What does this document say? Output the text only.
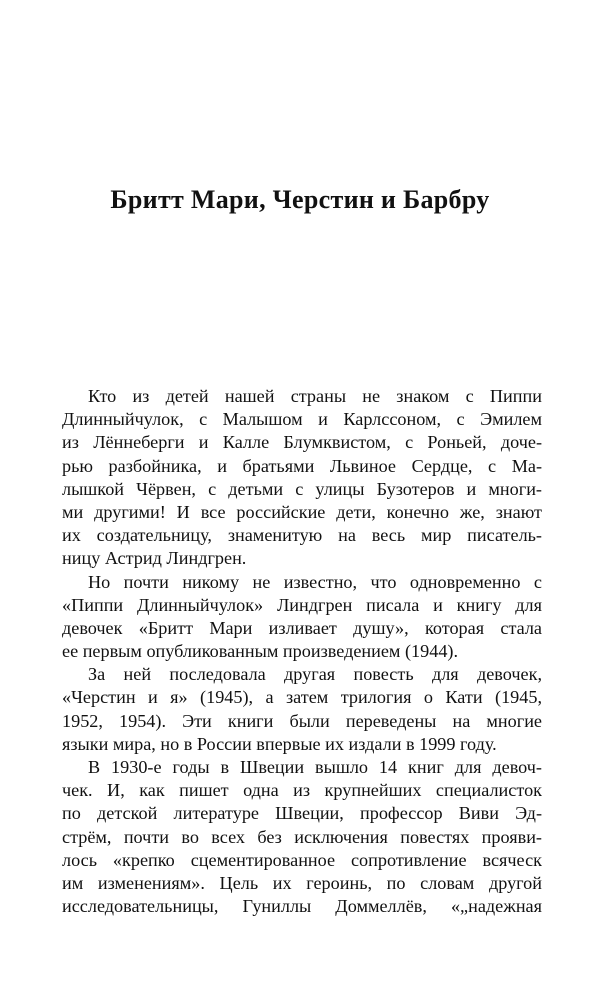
Бритт Мари, Черстин и Барбру
Кто из детей нашей страны не знаком с Пиппи
Длинныйчулок, с Малышом и Карлссоном, с Эмилем
из Лённеберги и Калле Блумквистом, с Роньей, доче-
рью разбойника, и братьями Львиное Сердце, с Ма-
лышкой Чёрвен, с детьми с улицы Бузотеров и многи-
ми другими! И все российские дети, конечно же, знают
их создательницу, знаменитую на весь мир писатель-
ницу Астрид Линдгрен.
Но почти никому не известно, что одновременно с
«Пиппи Длинныйчулок» Линдгрен писала и книгу для
девочек «Бритт Мари изливает душу», которая стала
ее первым опубликованным произведением (1944).
За ней последовала другая повесть для девочек,
«Черстин и я» (1945), а затем трилогия о Кати (1945,
1952, 1954). Эти книги были переведены на многие
языки мира, но в России впервые их издали в 1999 году.
В 1930-е годы в Швеции вышло 14 книг для девоч-
чек. И, как пишет одна из крупнейших специалисток
по детской литературе Швеции, профессор Виви Эд-
стрём, почти во всех без исключения повестях прояви-
лось «крепко сцементированное сопротивление всяческ
им изменениям». Цель их героинь, по словам другой
исследовательницы, Гуниллы Доммеллёв, «„надежная
